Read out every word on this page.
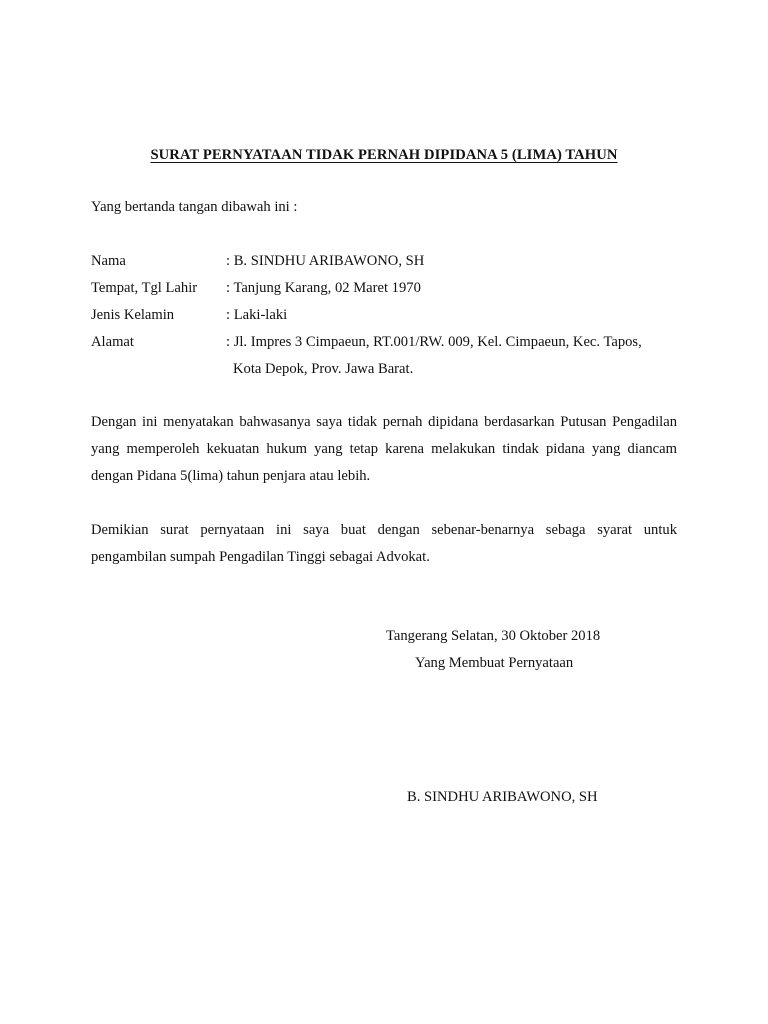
SURAT PERNYATAAN TIDAK PERNAH DIPIDANA 5 (LIMA) TAHUN
Yang bertanda tangan dibawah ini :
Nama	: B. SINDHU ARIBAWONO, SH
Tempat, Tgl Lahir : Tanjung Karang, 02 Maret 1970
Jenis Kelamin	: Laki-laki
Alamat	: Jl. Impres 3 Cimpaeun, RT.001/RW. 009, Kel. Cimpaeun, Kec. Tapos,
Kota Depok, Prov. Jawa Barat.
Dengan ini menyatakan bahwasanya saya tidak pernah dipidana berdasarkan Putusan Pengadilan
yang memperoleh kekuatan hukum yang tetap karena melakukan tindak pidana yang diancam
dengan Pidana 5(lima) tahun penjara atau lebih.
Demikian surat pernyataan ini saya buat dengan sebenar-benarnya sebaga syarat untuk
pengambilan sumpah Pengadilan Tinggi sebagai Advokat.
Tangerang Selatan, 30 Oktober 2018
Yang Membuat Pernyataan
B. SINDHU ARIBAWONO, SH
